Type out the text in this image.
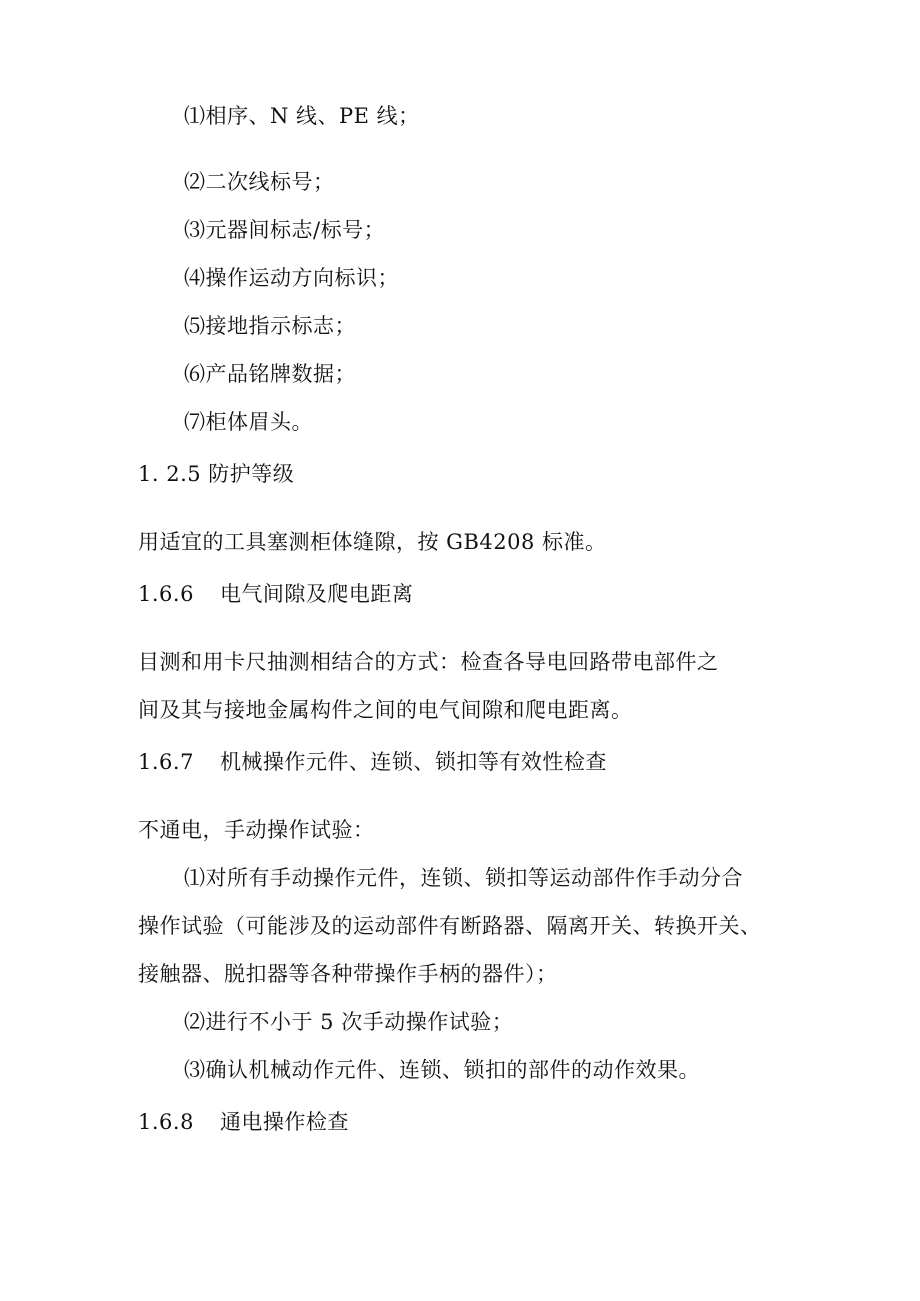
⑴相序、N 线、PE 线；
⑵二次线标号；
⑶元器间标志/标号；
⑷操作运动方向标识；
⑸接地指示标志；
⑹产品铭牌数据；
⑺柜体眉头。
1. 2.5 防护等级
用适宜的工具塞测柜体缝隙，按 GB4208 标准。
1.6.6 电气间隙及爬电距离
目测和用卡尺抽测相结合的方式：检查各导电回路带电部件之
间及其与接地金属构件之间的电气间隙和爬电距离。
1.6.7 机械操作元件、连锁、锁扣等有效性检查
不通电，手动操作试验：
⑴对所有手动操作元件，连锁、锁扣等运动部件作手动分合
操作试验（可能涉及的运动部件有断路器、隔离开关、转换开关、
接触器、脱扣器等各种带操作手柄的器件）；
⑵进行不小于 5 次手动操作试验；
⑶确认机械动作元件、连锁、锁扣的部件的动作效果。
1.6.8 通电操作检查
